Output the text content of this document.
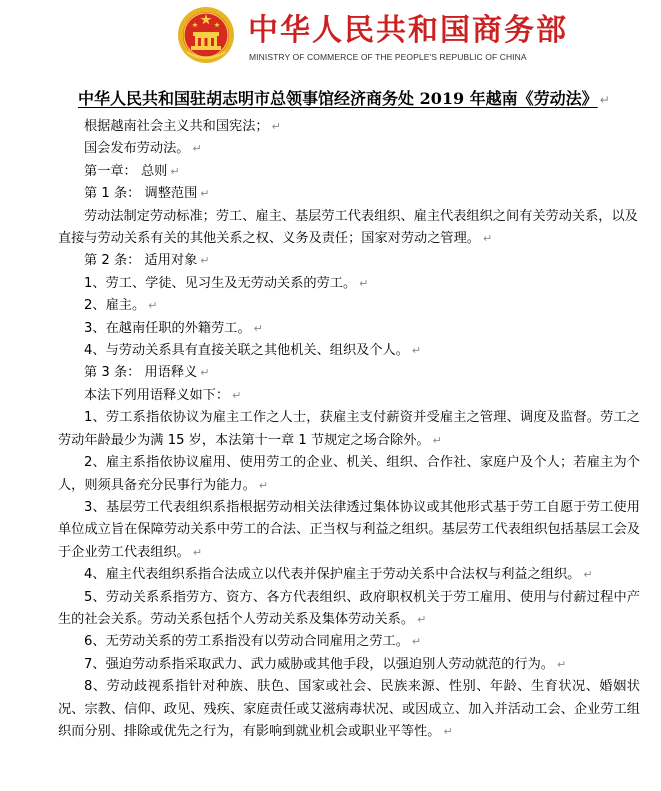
中华人民共和国商务部
MINISTRY OF COMMERCE OF THE PEOPLE'S REPUBLIC OF CHINA
中华人民共和国驻胡志明市总领事馆经济商务处 2019 年越南《劳动法》 ↵

根据越南社会主义共和国宪法； ↵

国会发布劳动法。 ↵

第一章： 总则 ↵

第 1 条： 调整范围 ↵

劳动法制定劳动标准；劳工、雇主、基层劳工代表组织、雇主代表组织之间有关劳动关系，以及直接与劳动关系有关的其他关系之权、义务及责任；国家对劳动之管理。 ↵

第 2 条： 适用对象 ↵

1、劳工、学徒、见习生及无劳动关系的劳工。 ↵

2、雇主。 ↵

3、在越南任职的外籍劳工。 ↵

4、与劳动关系具有直接关联之其他机关、组织及个人。 ↵

第 3 条： 用语释义 ↵

本法下列用语释义如下： ↵

1、劳工系指依协议为雇主工作之人士，获雇主支付薪资并受雇主之管理、调度及监督。劳工之劳动年龄最少为满 15 岁，本法第十一章 1 节规定之场合除外。 ↵

2、雇主系指依协议雇用、使用劳工的企业、机关、组织、合作社、家庭户及个人；若雇主为个人，则须具备充分民事行为能力。 ↵

3、基层劳工代表组织系指根据劳动相关法律透过集体协议或其他形式基于劳工自愿于劳工使用单位成立旨在保障劳动关系中劳工的合法、正当权与利益之组织。基层劳工代表组织包括基层工会及于企业劳工代表组织。 ↵

4、雇主代表组织系指合法成立以代表并保护雇主于劳动关系中合法权与利益之组织。 ↵

5、劳动关系系指劳方、资方、各方代表组织、政府职权机关于劳工雇用、使用与付薪过程中产生的社会关系。劳动关系包括个人劳动关系及集体劳动关系。 ↵

6、无劳动关系的劳工系指没有以劳动合同雇用之劳工。 ↵

7、强迫劳动系指采取武力、武力威胁或其他手段，以强迫别人劳动就范的行为。 ↵

8、劳动歧视系指针对种族、肤色、国家或社会、民族来源、性别、年龄、生育状况、婚姻状况、宗教、信仰、政见、残疾、家庭责任或艾滋病毒状况、或因成立、加入并活动工会、企业劳工组织而分别、排除或优先之行为，有影响到就业机会或职业平等性。 ↵
